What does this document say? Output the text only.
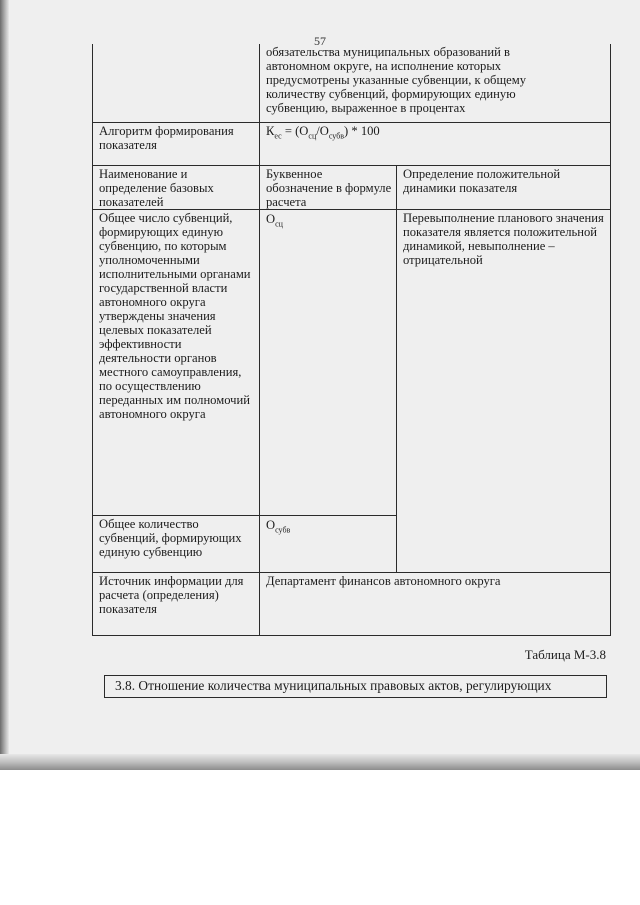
57
	обязательства муниципальных образований в автономном округе, на исполнение которых предусмотрены указанные субвенции, к общему количеству субвенций, формирующих единую субвенцию, выраженное в процентах	
Алгоритм формирования показателя	$К_{ес} = (О_{сц}/О_{субв}) * 100$	
Наименование и определение базовых показателей	Буквенное обозначение в формуле расчета	Определение положительной динамики показателя
Общее число субвенций, формирующих единую субвенцию, по которым уполномоченными исполнительными органами государственной власти автономного округа утверждены значения целевых показателей эффективности деятельности органов местного самоуправления, по осуществлению переданных им полномочий автономного округа	$О_{сц}$	Перевыполнение планового значения показателя является положительной динамикой, невыполнение – отрицательной
Общее количество субвенций, формирующих единую субвенцию	$О_{субв}$
Источник информации для расчета (определения) показателя	Департамент финансов автономного округа	
Таблица М-3.8
3.8. Отношение количества муниципальных правовых актов, регулирующих
